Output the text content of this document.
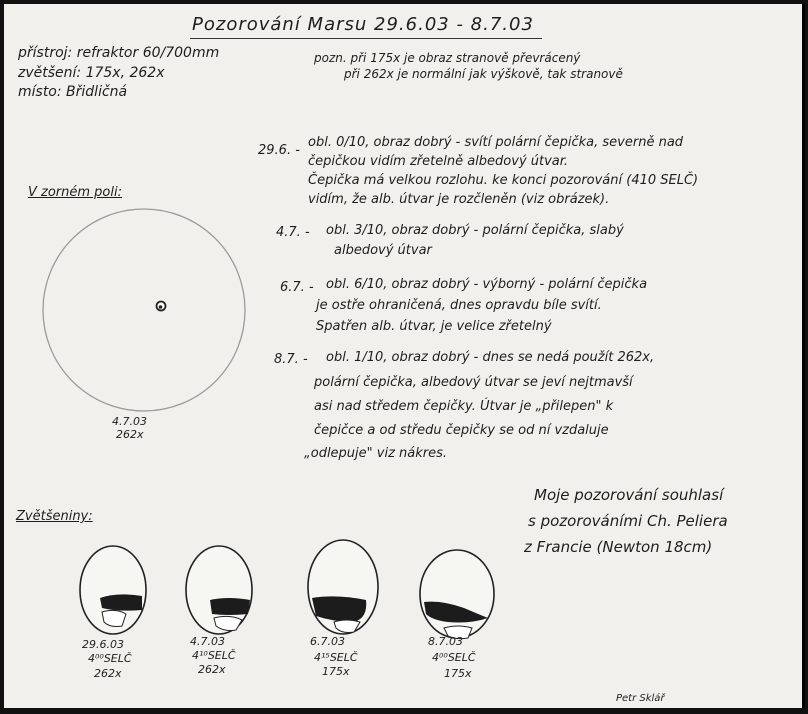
Pozorování Marsu 29.6.03 - 8.7.03
přístroj: refraktor 60/700mm
zvětšení: 175x, 262x
místo: Břidličná
pozn. při 175x je obraz stranově převrácený
při 262x je normální jak výškově, tak stranově
29.6. -
obl. 0/10, obraz dobrý - svítí polární čepička, severně nad
čepičkou vidím zřetelně albedový útvar.
Čepička má velkou rozlohu. ke konci pozorování (410 SELČ)
vidím, že alb. útvar je rozčleněn (viz obrázek).
4.7. - obl. 3/10, obraz dobrý - polární čepička, slabý
albedový útvar
6.7. - obl. 6/10, obraz dobrý - výborný - polární čepička
je ostře ohraničená, dnes opravdu bíle svítí.
Spatřen alb. útvar, je velice zřetelný
8.7. - obl. 1/10, obraz dobrý - dnes se nedá použít 262x,
polární čepička, albedový útvar se jeví nejtmavší
asi nad středem čepičky. Útvar je „přilepen" k
čepičce a od středu čepičky se od ní vzdaluje
„odlepuje" viz nákres.
V zorném poli:
4.7.03
262x
Zvětšeniny:
29.6.03
4⁰⁰SELČ
262x
4.7.03
4¹⁰SELČ
262x
6.7.03
4¹⁵SELČ
175x
8.7.03
4⁰⁰SELČ
175x
Moje pozorování souhlasí
s pozorováními Ch. Peliera
z Francie (Newton 18cm)
Petr Sklář
